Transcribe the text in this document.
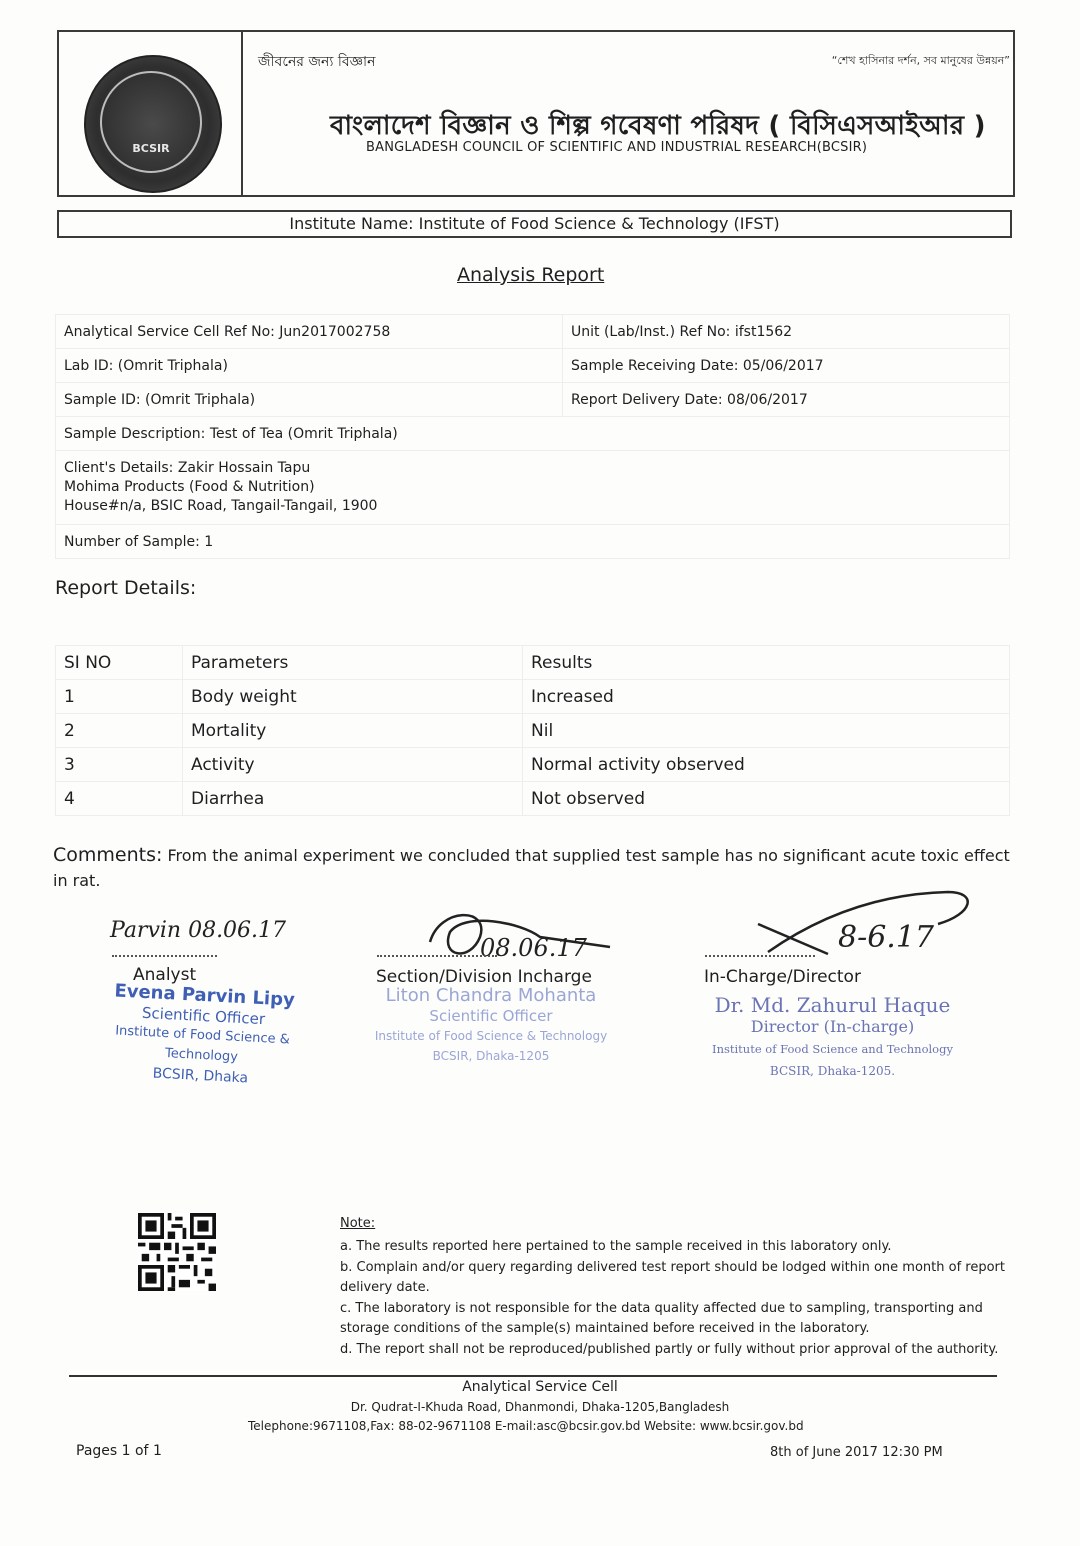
BCSIR
জীবনের জন্য বিজ্ঞান	“শেখ হাসিনার দর্শন, সব মানুষের উন্নয়ন”
বাংলাদেশ বিজ্ঞান ও শিল্প গবেষণা পরিষদ ( বিসিএসআইআর )
BANGLADESH COUNCIL OF SCIENTIFIC AND INDUSTRIAL RESEARCH(BCSIR)
Institute Name: Institute of Food Science & Technology (IFST)
Analysis Report
Analytical Service Cell Ref No: Jun2017002758	Unit (Lab/Inst.) Ref No: ifst1562
Lab ID: (Omrit Triphala)	Sample Receiving Date: 05/06/2017
Sample ID: (Omrit Triphala)	Report Delivery Date: 08/06/2017
Sample Description: Test of Tea (Omrit Triphala)	

Client's Details: Zakir Hossain Tapu
Mohima Products (Food & Nutrition)
House#n/a, BSIC Road, Tangail-Tangail, 1900	

Number of Sample: 1	
Report Details:
SI NO	Parameters	Results
1	Body weight	Increased
2	Mortality	Nil
3	Activity	Normal activity observed
4	Diarrhea	Not observed
Comments: From the animal experiment we concluded that supplied test sample has no significant acute toxic effect in rat.
Parvin 08.06.17
Analyst
Evena Parvin Lipy
Scientific Officer
Institute of Food Science & Technology
BCSIR, Dhaka
08.06.17
Section/Division Incharge
Liton Chandra Mohanta
Scientific Officer
Institute of Food Science & Technology
BCSIR, Dhaka-1205
8-6.17
In-Charge/Director
Dr. Md. Zahurul Haque
Director (In-charge)
Institute of Food Science and Technology
BCSIR, Dhaka-1205.
Note:
a. The results reported here pertained to the sample received in this laboratory only.
b. Complain and/or query regarding delivered test report should be lodged within one month of report delivery date.
c. The laboratory is not responsible for the data quality affected due to sampling, transporting and storage conditions of the sample(s) maintained before received in the laboratory.
d. The report shall not be reproduced/published partly or fully without prior approval of the authority.
Analytical Service Cell
Dr. Qudrat-I-Khuda Road, Dhanmondi, Dhaka-1205,Bangladesh
Telephone:9671108,Fax: 88-02-9671108 E-mail:asc@bcsir.gov.bd Website: www.bcsir.gov.bd
Pages 1 of 1	8th of June 2017 12:30 PM
